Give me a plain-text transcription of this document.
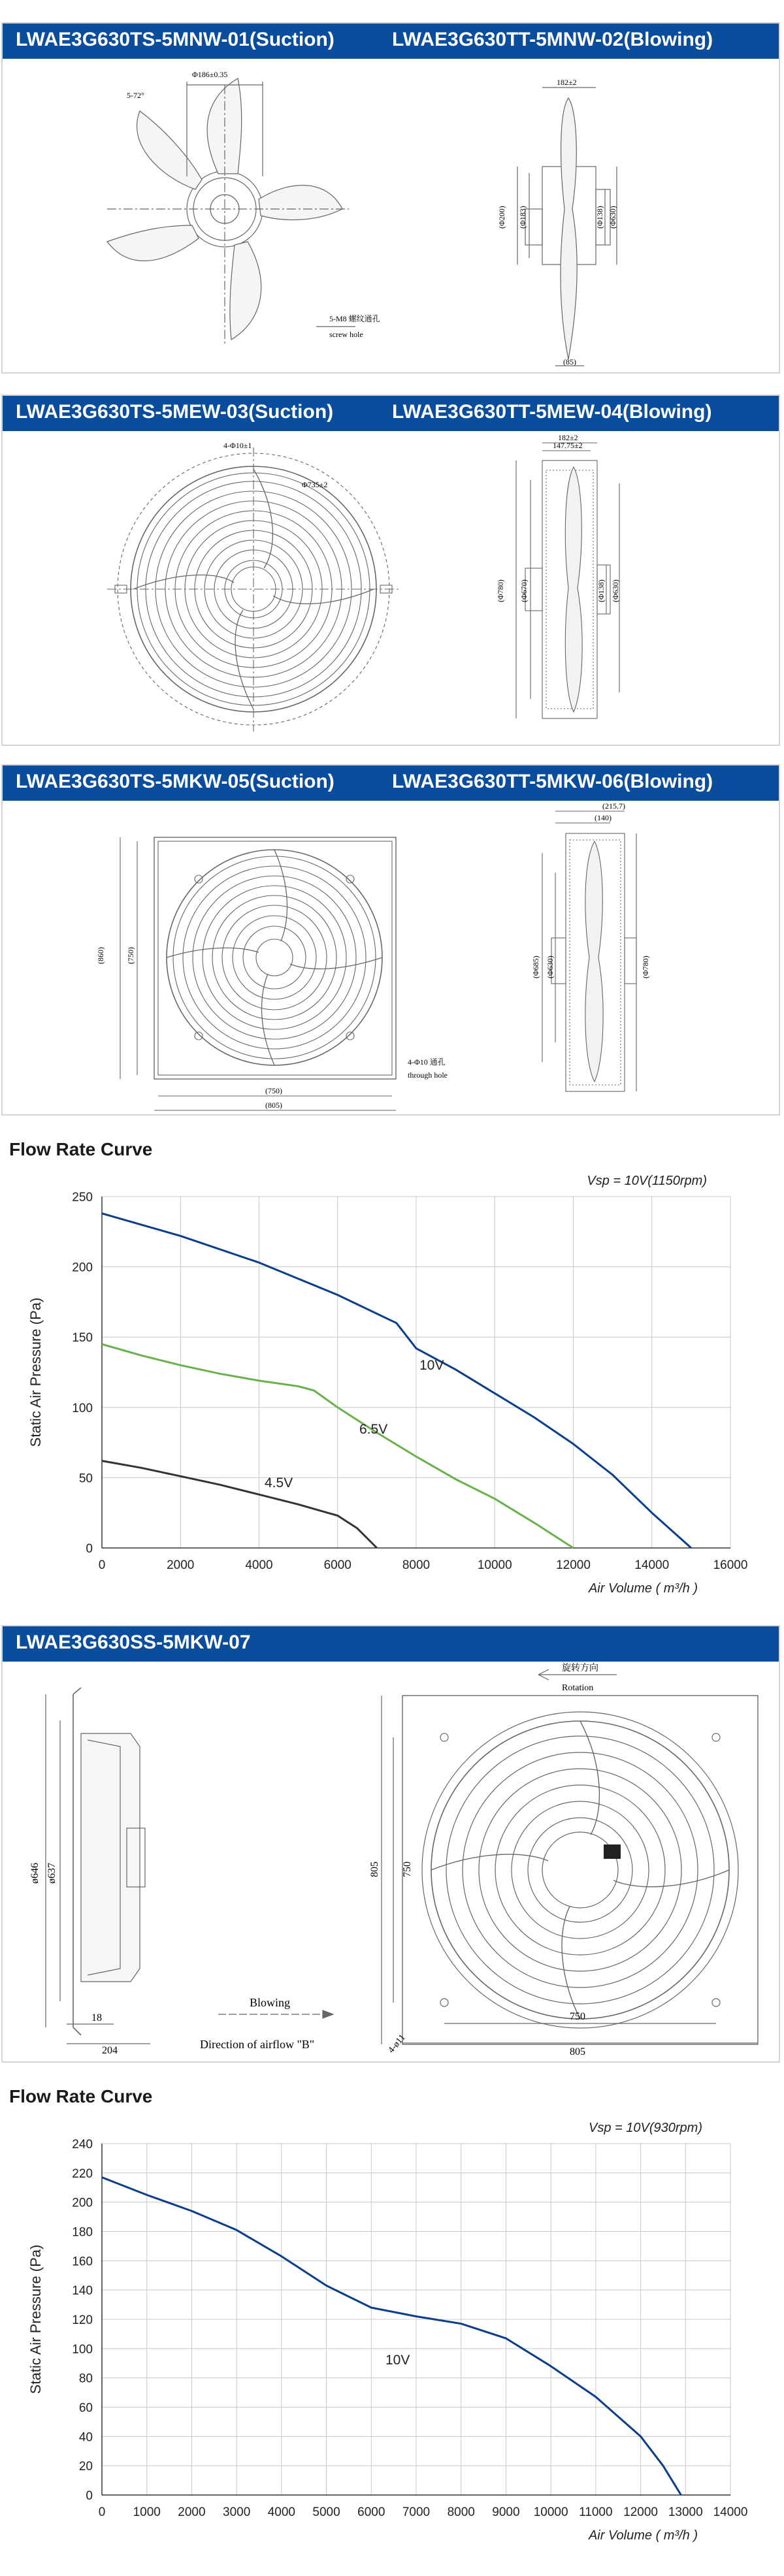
LWAE3G630TS-5MNW-01(Suction)	LWAE3G630TT-5MNW-02(Blowing)
Φ186±0.35
5-72°
5-M8 螺纹通孔
screw hole
182±2
(Φ200) (Φ183)	(Φ138) (Φ630)
(85)
LWAE3G630TS-5MEW-03(Suction)	LWAE3G630TT-5MEW-04(Blowing)
4-Φ10±1
Φ735±2
182±2
147.75±2
(Φ780) (Φ670)	(Φ138) (Φ630)
LWAE3G630TS-5MKW-05(Suction)	LWAE3G630TT-5MKW-06(Blowing)
(860)	(750)
(750)
(805)
4-Φ10 通孔
through hole
(215.7)
(140)
(Φ685) (Φ630)	(Φ780)
Flow Rate Curve
0	2000	4000	6000	8000	10000	12000	14000	16000
0
50
100
150
200
250
10V
6.5V
4.5V
Vsp = 10V(1150rpm)
Air Volume ( m³/h )
Static Air Pressure (Pa)
LWAE3G630SS-5MKW-07
ø646 ø637
18
204
Blowing
Direction of airflow "B"
旋转方向
Rotation
805 750
750
805
4-ø11
Flow Rate Curve
0 1000 2000 3000 4000 5000 6000 7000 8000 9000 10000 11000 12000 13000 14000
0
20
40
60
80
100
120
140
160
180
200
220
240
10V
Vsp = 10V(930rpm)
Air Volume ( m³/h )
Static Air Pressure (Pa)
